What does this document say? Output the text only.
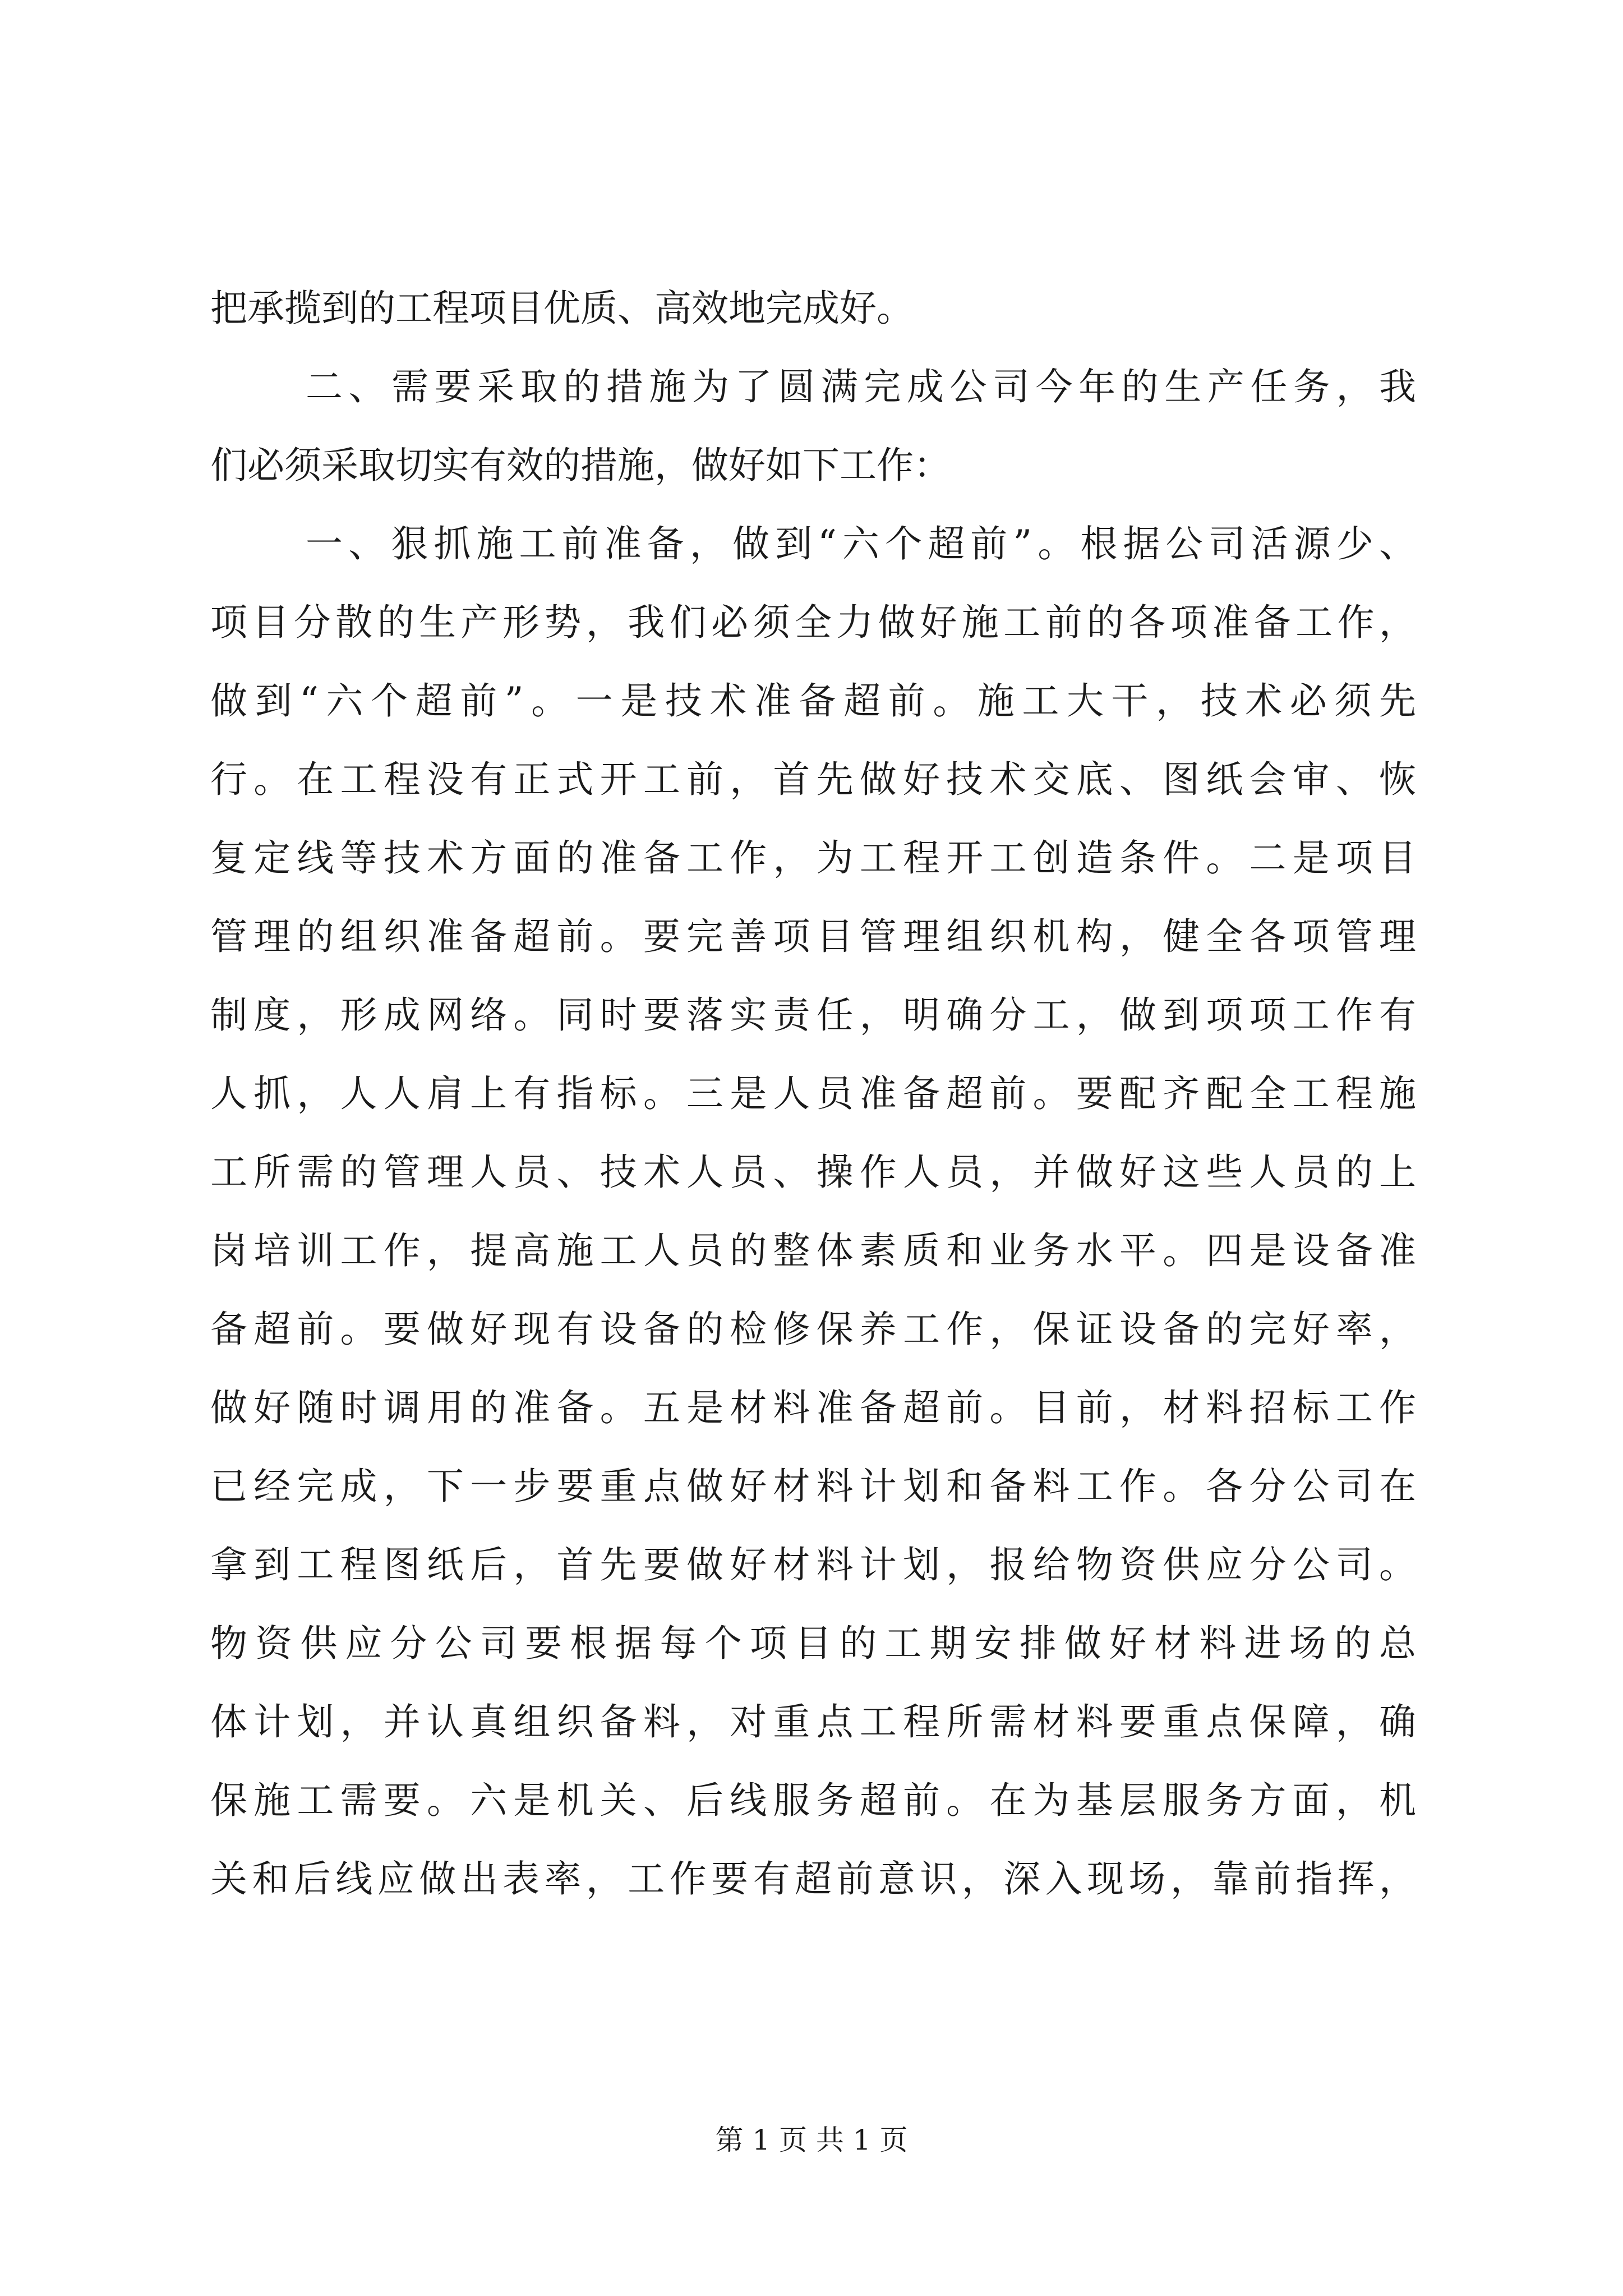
把承揽到的工程项目优质、高效地完成好。
二、需要采取的措施为了圆满完成公司今年的生产任务，我
们必须采取切实有效的措施，做好如下工作：
一、狠抓施工前准备，做到“六个超前”。根据公司活源少、
项目分散的生产形势，我们必须全力做好施工前的各项准备工作，
做到“六个超前”。一是技术准备超前。施工大干，技术必须先
行。在工程没有正式开工前，首先做好技术交底、图纸会审、恢
复定线等技术方面的准备工作，为工程开工创造条件。二是项目
管理的组织准备超前。要完善项目管理组织机构，健全各项管理
制度，形成网络。同时要落实责任，明确分工，做到项项工作有
人抓，人人肩上有指标。三是人员准备超前。要配齐配全工程施
工所需的管理人员、技术人员、操作人员，并做好这些人员的上
岗培训工作，提高施工人员的整体素质和业务水平。四是设备准
备超前。要做好现有设备的检修保养工作，保证设备的完好率，
做好随时调用的准备。五是材料准备超前。目前，材料招标工作
已经完成，下一步要重点做好材料计划和备料工作。各分公司在
拿到工程图纸后，首先要做好材料计划，报给物资供应分公司。
物资供应分公司要根据每个项目的工期安排做好材料进场的总
体计划，并认真组织备料，对重点工程所需材料要重点保障，确
保施工需要。六是机关、后线服务超前。在为基层服务方面，机
关和后线应做出表率，工作要有超前意识，深入现场，靠前指挥，
第 1 页 共 1 页
